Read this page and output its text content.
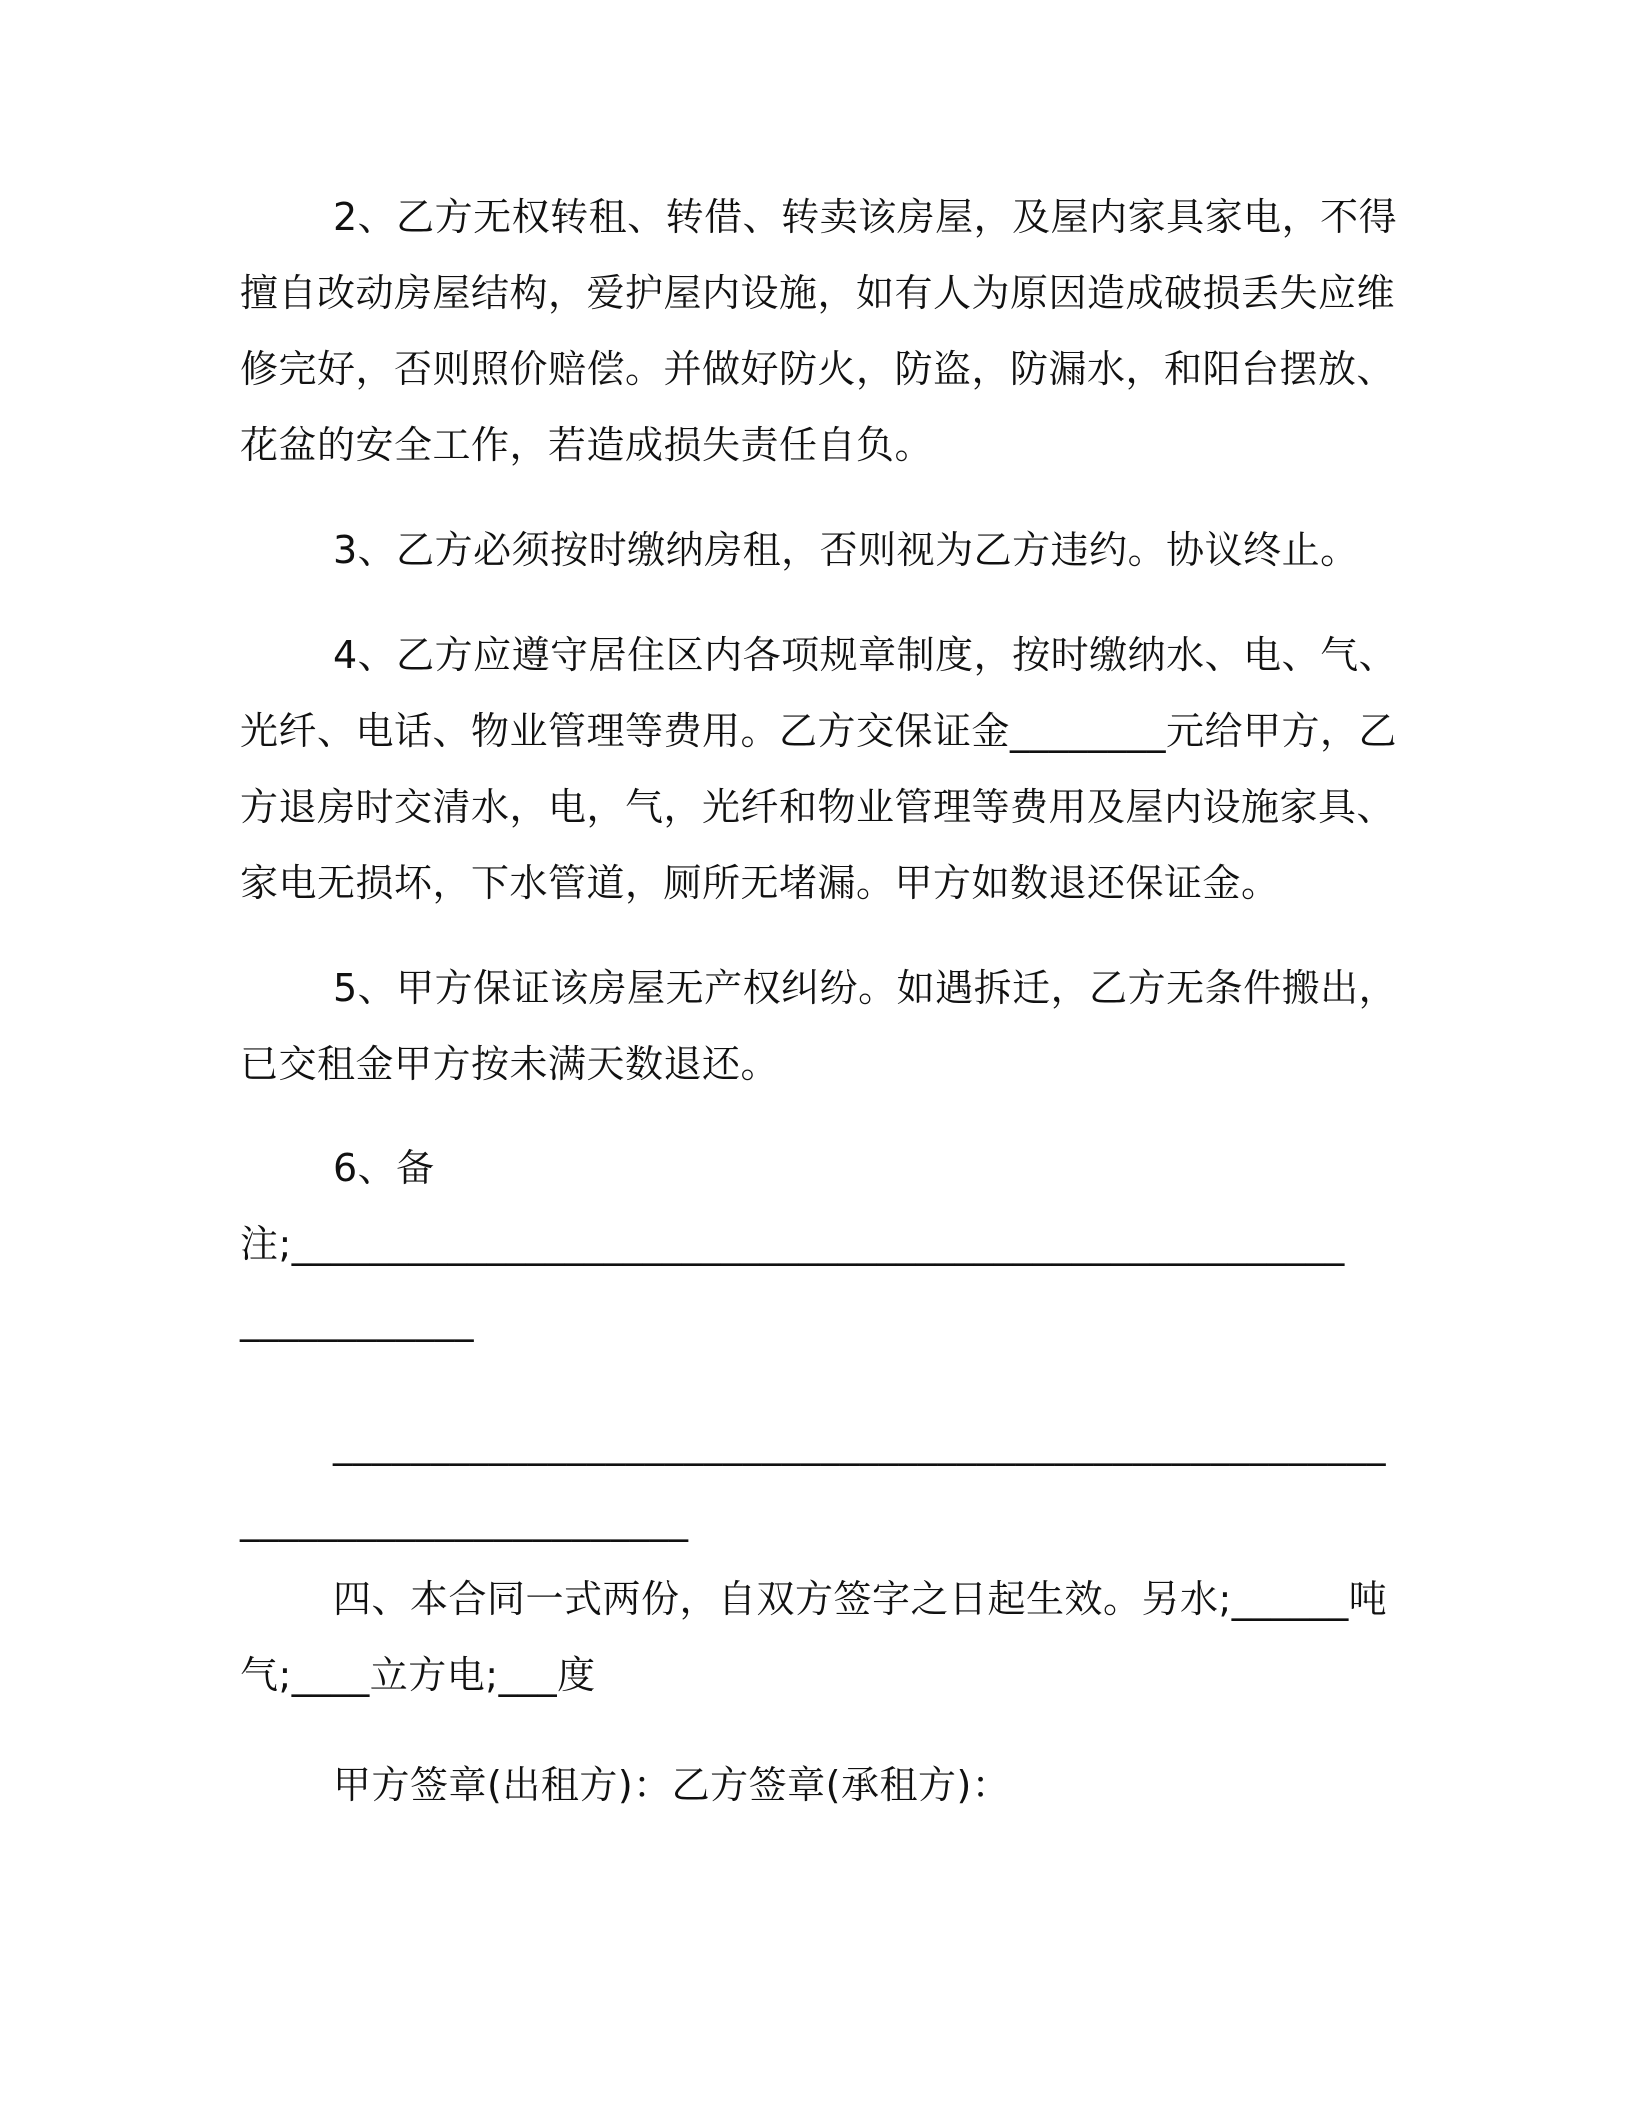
2、乙方无权转租、转借、转卖该房屋，及屋内家具家电，不得
擅自改动房屋结构，爱护屋内设施，如有人为原因造成破损丢失应维
修完好，否则照价赔偿。并做好防火，防盗，防漏水，和阳台摆放、
花盆的安全工作，若造成损失责任自负。
3、乙方必须按时缴纳房租，否则视为乙方违约。协议终止。
4、乙方应遵守居住区内各项规章制度，按时缴纳水、电、气、
光纤、电话、物业管理等费用。乙方交保证金________元给甲方，乙
方退房时交清水，电，气，光纤和物业管理等费用及屋内设施家具、
家电无损坏，下水管道，厕所无堵漏。甲方如数退还保证金。
5、甲方保证该房屋无产权纠纷。如遇拆迁，乙方无条件搬出，
已交租金甲方按未满天数退还。
6、备
注;______________________________________________________
____________
______________________________________________________
_______________________
四、本合同一式两份，自双方签字之日起生效。另水;______吨
气;____立方电;___度
甲方签章(出租方)：乙方签章(承租方)：
